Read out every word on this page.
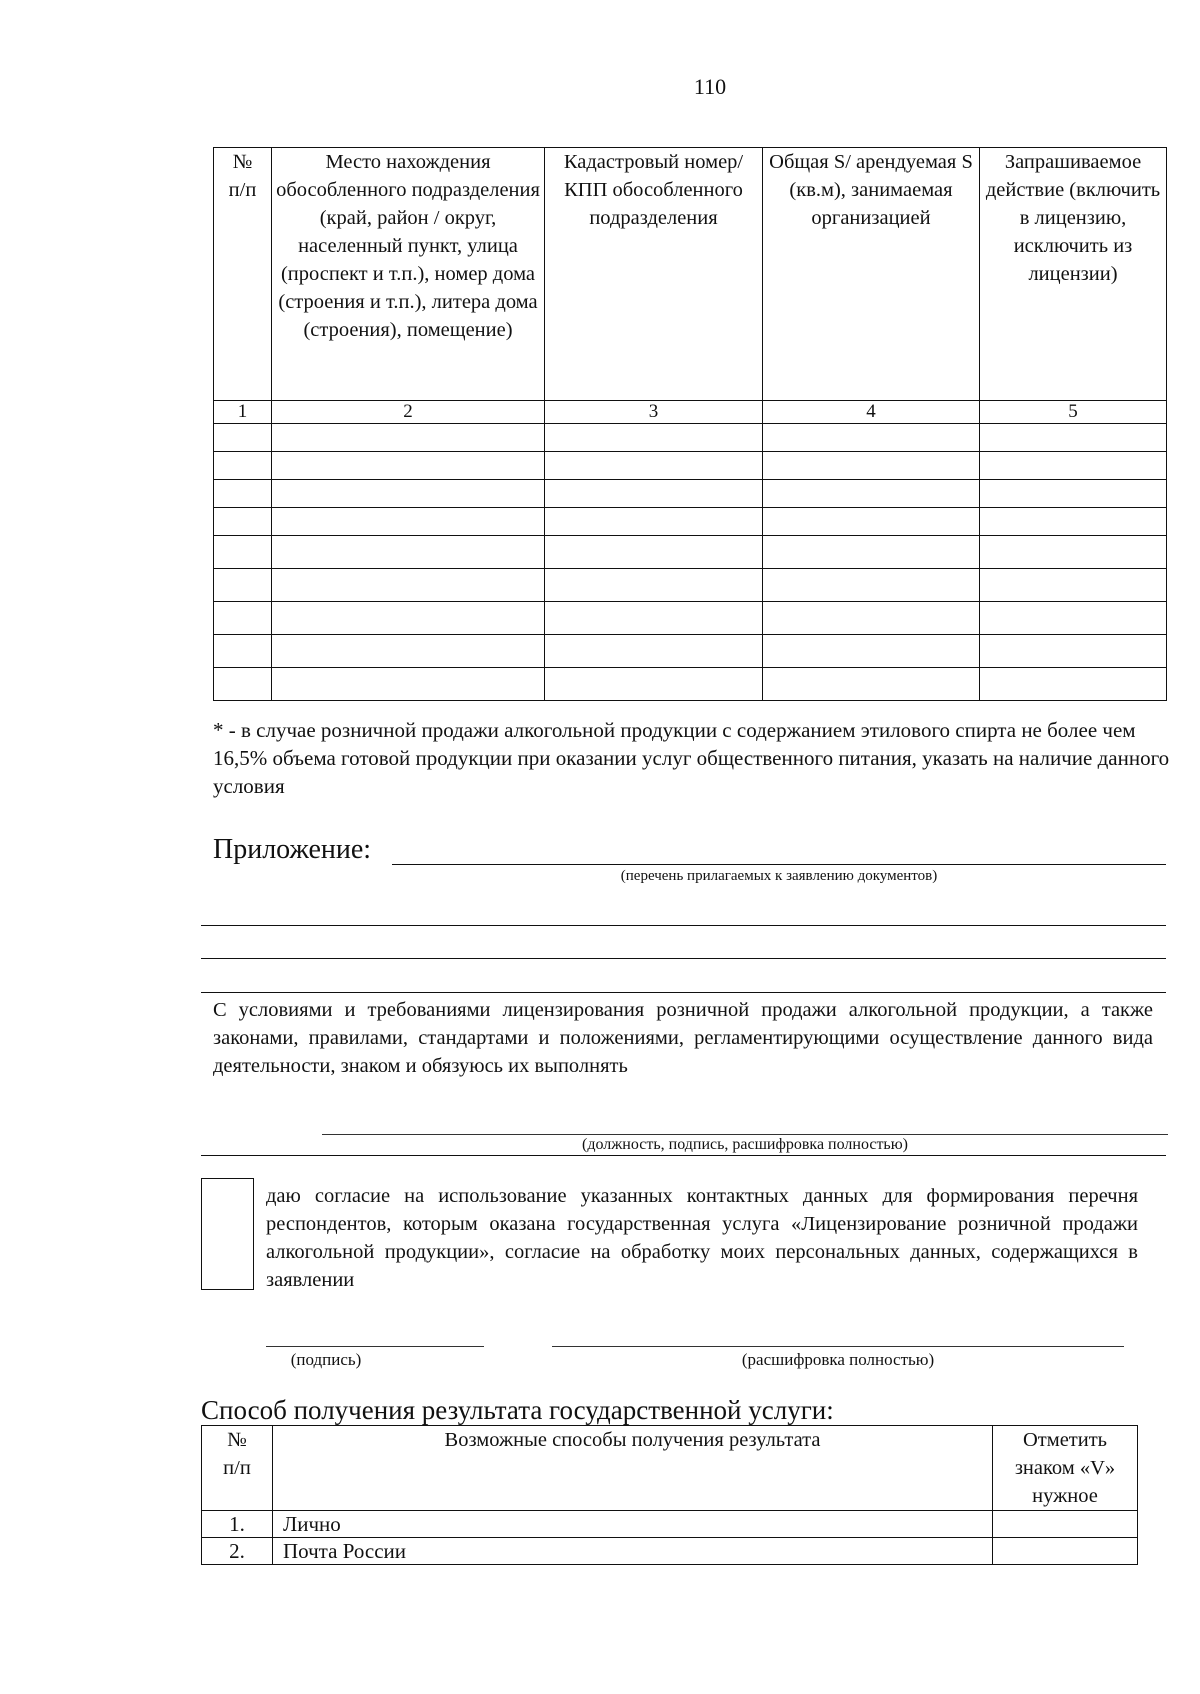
110
№
п/п	Место нахождения обособленного подразделения (край, район / округ, населенный пункт, улица (проспект и т.п.), номер дома (строения и т.п.), литера дома (строения), помещение)	Кадастровый номер/КПП обособленного подразделения	Общая S/ арендуемая S (кв.м), занимаемая организацией	Запрашиваемое действие (включить в лицензию, исключить из лицензии)
1	2	3	4	5

* - в случае розничной продажи алкогольной продукции с содержанием этилового спирта не более чем 16,5% объема готовой продукции при оказании услуг общественного питания, указать на наличие данного условия
Приложение:
(перечень прилагаемых к заявлению документов)
С условиями и требованиями лицензирования розничной продажи алкогольной продукции, а также законами, правилами, стандартами и положениями, регламентирующими осуществление данного вида деятельности, знаком и обязуюсь их выполнять
(должность, подпись, расшифровка полностью)
даю согласие на использование указанных контактных данных для формирования перечня респондентов, которым оказана государственная услуга «Лицензирование розничной продажи алкогольной продукции», согласие на обработку моих персональных данных, содержащихся в заявлении
(подпись)	(расшифровка полностью)
Способ получения результата государственной услуги:
№
п/п	Возможные способы получения результата	Отметить знаком «V» нужное
1.	Лично	
2.	Почта России	
